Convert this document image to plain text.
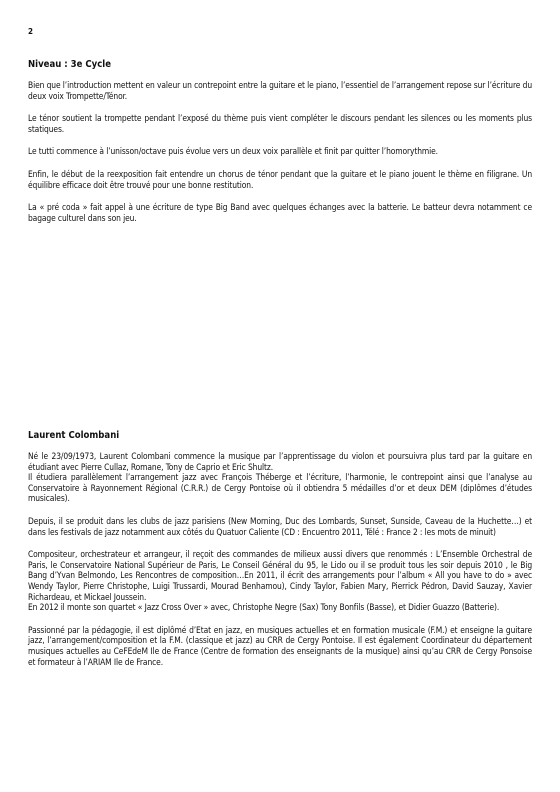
2
Niveau : 3e Cycle

Bien que l’introduction mettent en valeur un contrepoint entre la guitare et le piano, l’essentiel de l’arrangement repose sur l’écriture du deux voix Trompette/Ténor.

Le ténor soutient la trompette pendant l’exposé du thème puis vient compléter le discours pendant les silences ou les moments plus statiques.

Le tutti commence à l’unisson/octave puis évolue vers un deux voix parallèle et finit par quitter l’homorythmie.

Enfin, le début de la reexposition fait entendre un chorus de ténor pendant que la guitare et le piano jouent le thème en filigrane. Un équilibre efficace doit être trouvé pour une bonne restitution.

La « pré coda » fait appel à une écriture de type Big Band avec quelques échanges avec la batterie. Le batteur devra notamment ce bagage culturel dans son jeu.

Laurent Colombani

Né le 23/09/1973, Laurent Colombani commence la musique par l’apprentissage du violon et poursuivra plus tard par la guitare en étudiant avec Pierre Cullaz, Romane, Tony de Caprio et Eric Shultz.

Il étudiera parallèlement l’arrangement jazz avec François Théberge et l’écriture, l’harmonie, le contrepoint ainsi que l’analyse au Conservatoire à Rayonnement Régional (C.R.R.) de Cergy Pontoise où il obtiendra 5 médailles d’or et deux DEM (diplômes d’études musicales).

Depuis, il se produit dans les clubs de jazz parisiens (New Morning, Duc des Lombards, Sunset, Sunside, Caveau de la Huchette…) et dans les festivals de jazz notamment aux côtés du Quatuor Caliente (CD : Encuentro 2011, Télé : France 2 : les mots de minuit)

Compositeur, orchestrateur et arrangeur, il reçoit des commandes de milieux aussi divers que renommés : L’Ensemble Orchestral de Paris, le Conservatoire National Supérieur de Paris, Le Conseil Général du 95, le Lido ou il se produit tous les soir depuis 2010 , le Big Bang d’Yvan Belmondo, Les Rencontres de composition…En 2011, il écrit des arrangements pour l’album « All you have to do » avec Wendy Taylor, Pierre Christophe, Luigi Trussardi, Mourad Benhamou), Cindy Taylor, Fabien Mary, Pierrick Pédron, David Sauzay, Xavier Richardeau, et Mickael Joussein.

En 2012 il monte son quartet « Jazz Cross Over » avec, Christophe Negre (Sax) Tony Bonfils (Basse), et Didier Guazzo (Batterie).

Passionné par la pédagogie, il est diplômé d’Etat en jazz, en musiques actuelles et en formation musicale (F.M.) et enseigne la guitare jazz, l’arrangement/composition et la F.M. (classique et jazz) au CRR de Cergy Pontoise. Il est également Coordinateur du département musiques actuelles au CeFEdeM Ile de France (Centre de formation des enseignants de la musique) ainsi qu’au CRR de Cergy Ponsoise et formateur à l’ARIAM Ile de France.
